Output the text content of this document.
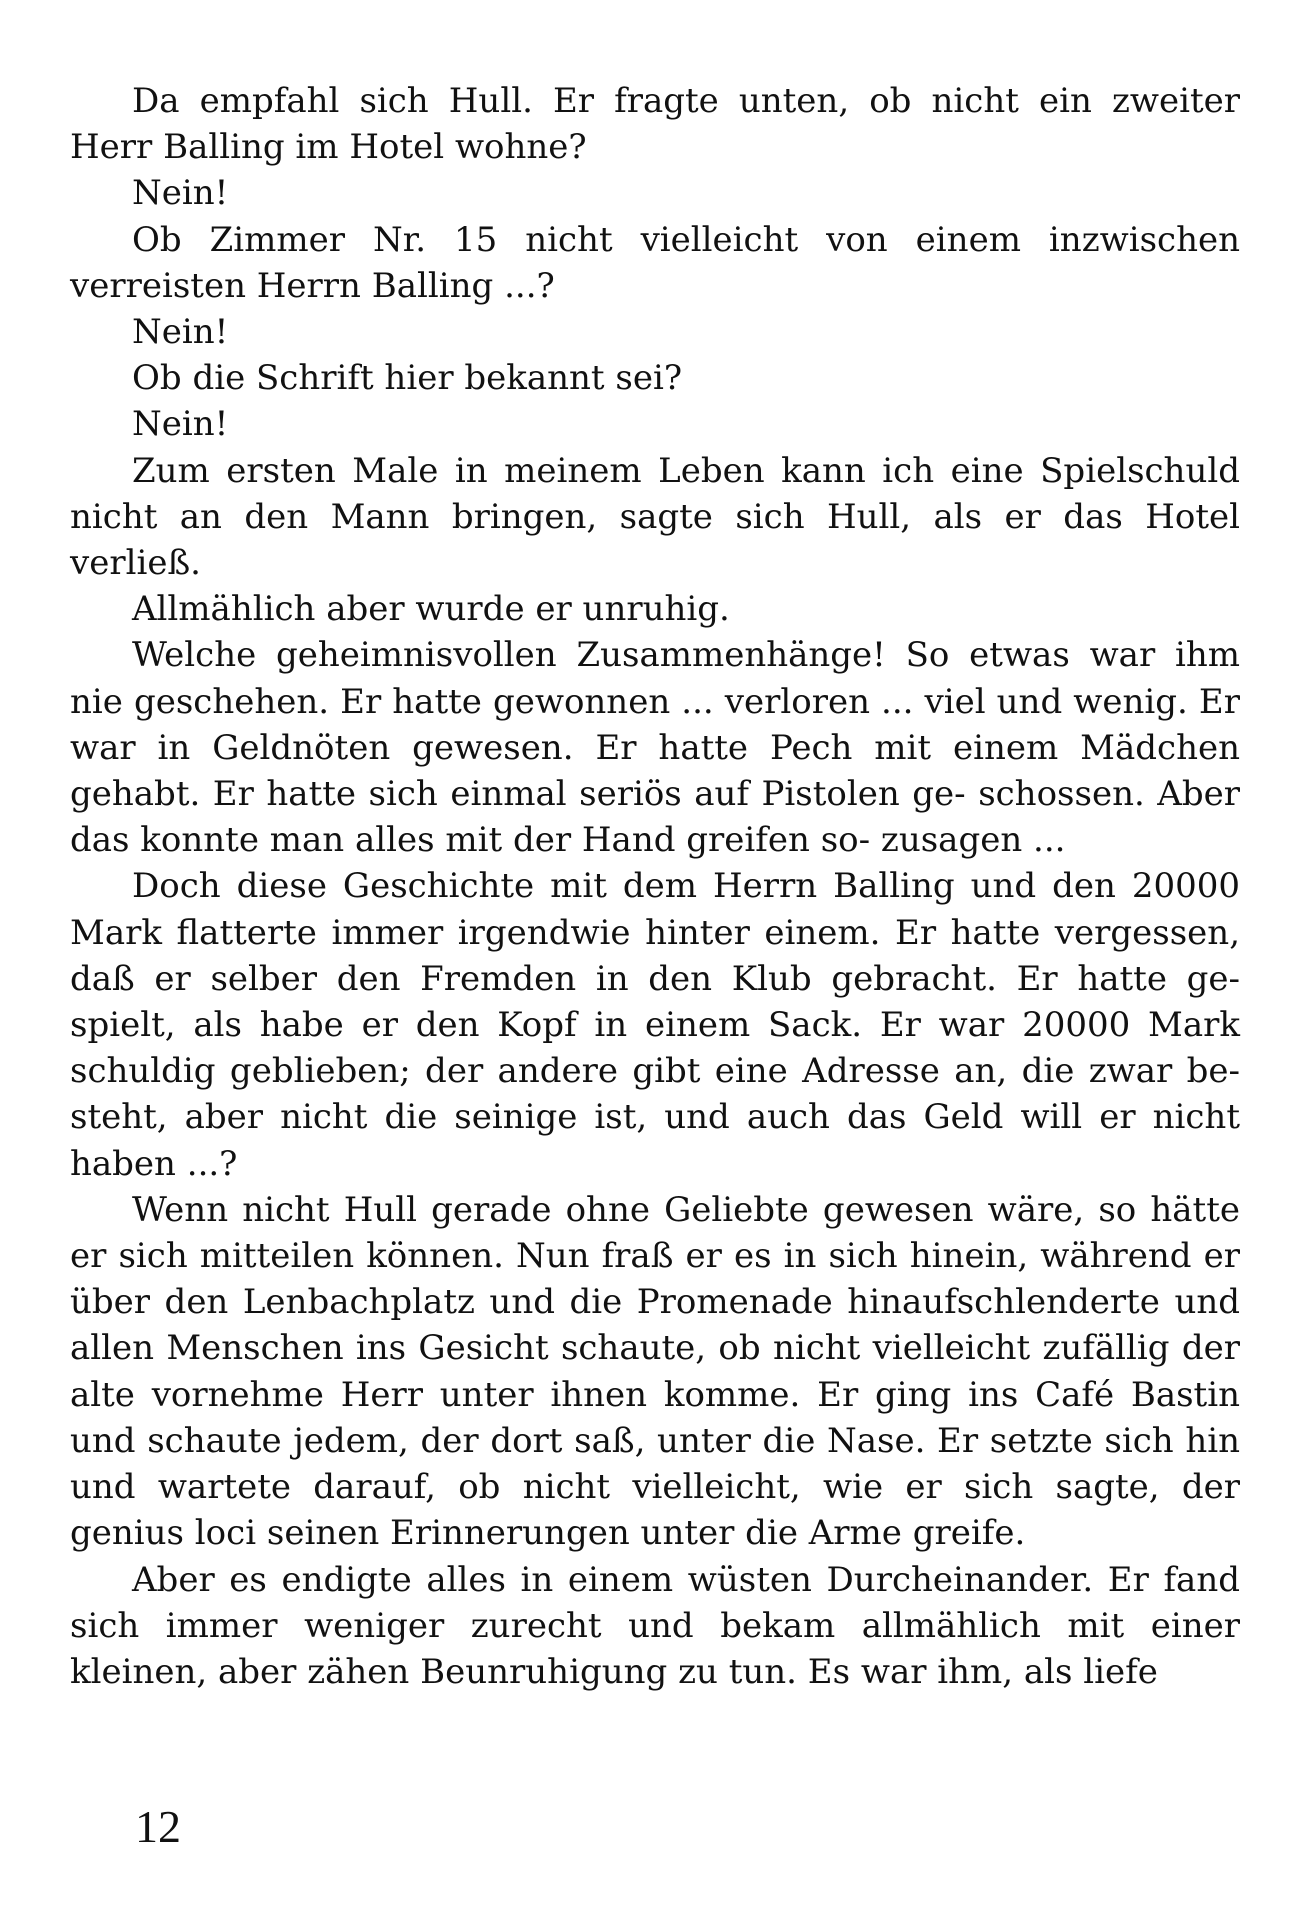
Da empfahl sich Hull. Er fragte unten, ob nicht ein zweiter Herr Balling im Hotel wohne?

Nein!

Ob Zimmer Nr. 15 nicht vielleicht von einem inzwischen verreisten Herrn Balling ...?

Nein!

Ob die Schrift hier bekannt sei?

Nein!

Zum ersten Male in meinem Leben kann ich eine Spielschuld nicht an den Mann bringen, sagte sich Hull, als er das Hotel verließ.

Allmählich aber wurde er unruhig.

Welche geheimnisvollen Zusammenhänge! So etwas war ihm nie geschehen. Er hatte gewonnen ... verloren ... viel und wenig. Er war in Geldnöten gewesen. Er hatte Pech mit einem Mädchen gehabt. Er hatte sich einmal seriös auf Pistolen ge- schossen. Aber das konnte man alles mit der Hand greifen so- zusagen ...

Doch diese Geschichte mit dem Herrn Balling und den 20000 Mark flatterte immer irgendwie hinter einem. Er hatte vergessen, daß er selber den Fremden in den Klub gebracht. Er hatte ge- spielt, als habe er den Kopf in einem Sack. Er war 20000 Mark schuldig geblieben; der andere gibt eine Adresse an, die zwar be- steht, aber nicht die seinige ist, und auch das Geld will er nicht haben ...?

Wenn nicht Hull gerade ohne Geliebte gewesen wäre, so hätte er sich mitteilen können. Nun fraß er es in sich hinein, während er über den Lenbachplatz und die Promenade hinaufschlenderte und allen Menschen ins Gesicht schaute, ob nicht vielleicht zufällig der alte vornehme Herr unter ihnen komme. Er ging ins Café Bastin und schaute jedem, der dort saß, unter die Nase. Er setzte sich hin und wartete darauf, ob nicht vielleicht, wie er sich sagte, der genius loci seinen Erinnerungen unter die Arme greife.

Aber es endigte alles in einem wüsten Durcheinander. Er fand sich immer weniger zurecht und bekam allmählich mit einer kleinen, aber zähen Beunruhigung zu tun. Es war ihm, als liefe

12
